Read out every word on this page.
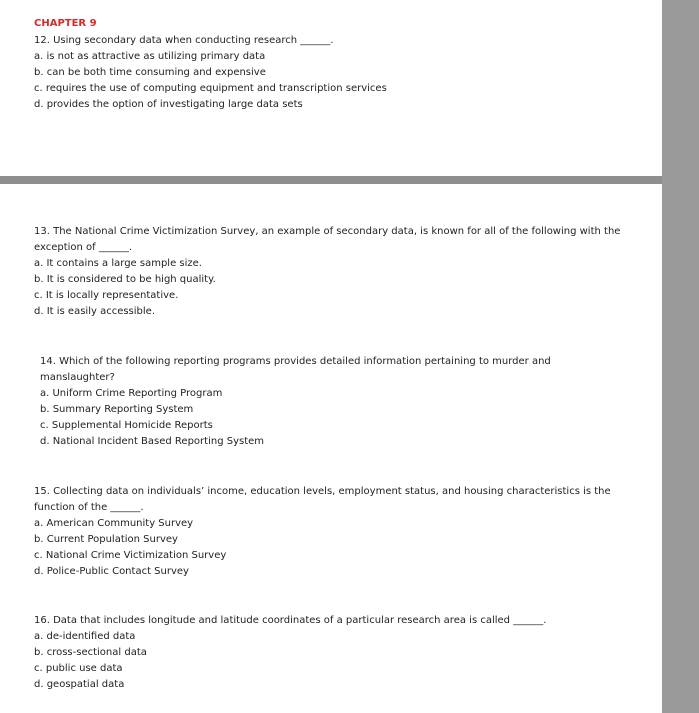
CHAPTER 9
12. Using secondary data when conducting research ______.
a. is not as attractive as utilizing primary data
b. can be both time consuming and expensive
c. requires the use of computing equipment and transcription services
d. provides the option of investigating large data sets
13. The National Crime Victimization Survey, an example of secondary data, is known for all of the following with the
exception of ______.
a. It contains a large sample size.
b. It is considered to be high quality.
c. It is locally representative.
d. It is easily accessible.
14. Which of the following reporting programs provides detailed information pertaining to murder and
manslaughter?
a. Uniform Crime Reporting Program
b. Summary Reporting System
c. Supplemental Homicide Reports
d. National Incident Based Reporting System
15. Collecting data on individuals’ income, education levels, employment status, and housing characteristics is the
function of the ______.
a. American Community Survey
b. Current Population Survey
c. National Crime Victimization Survey
d. Police-Public Contact Survey
16. Data that includes longitude and latitude coordinates of a particular research area is called ______.
a. de-identified data
b. cross-sectional data
c. public use data
d. geospatial data
